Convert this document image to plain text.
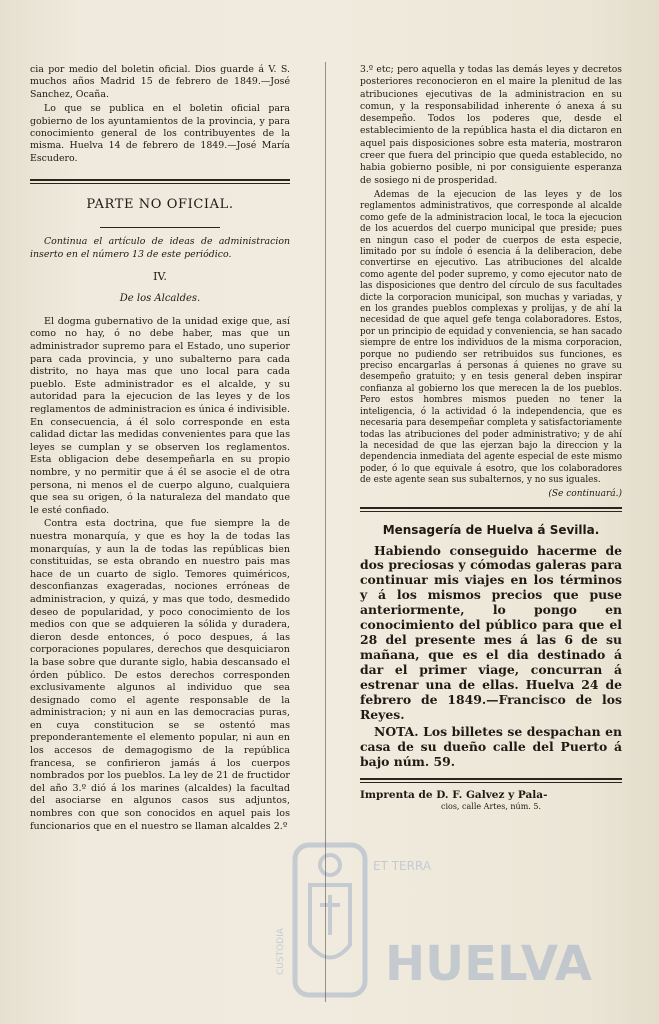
cia por medio del boletin oficial. Dios guarde á V. S. muchos años Madrid 15 de febrero de 1849.—José Sanchez, Ocaña.

Lo que se publica en el boletin oficial para gobierno de los ayuntamientos de la provincia, y para conocimiento general de los contribuyentes de la misma. Huelva 14 de febrero de 1849.—José María Escudero.

PARTE NO OFICIAL.

Continua el artículo de ideas de administracion inserto en el número 13 de este periódico.

IV.
De los Alcaldes.

El dogma gubernativo de la unidad exige que, así como no hay, ó no debe haber, mas que un administrador supremo para el Estado, uno superior para cada provincia, y uno subalterno para cada distrito, no haya mas que uno local para cada pueblo. Este administrador es el alcalde, y su autoridad para la ejecucion de las leyes y de los reglamentos de administracion es única é indivisible. En consecuencia, á él solo corresponde en esta calidad dictar las medidas convenientes para que las leyes se cumplan y se observen los reglamentos. Esta obligacion debe desempeñarla en su propio nombre, y no permitir que á él se asocie el de otra persona, ni menos el de cuerpo alguno, cualquiera que sea su origen, ó la naturaleza del mandato que le esté confiado.

Contra esta doctrina, que fue siempre la de nuestra monarquía, y que es hoy la de todas las monarquías, y aun la de todas las repúblicas bien constituidas, se esta obrando en nuestro pais mas hace de un cuarto de siglo. Temores quiméricos, desconfianzas exageradas, nociones erróneas de administracion, y quizá, y mas que todo, desmedido deseo de popularidad, y poco conocimiento de los medios con que se adquieren la sólida y duradera, dieron desde entonces, ó poco despues, á las corporaciones populares, derechos que desquiciaron la base sobre que durante siglo, habia descansado el órden público. De estos derechos corresponden exclusivamente algunos al individuo que sea designado como el agente responsable de la administracion; y ni aun en las democracias puras, en cuya constitucion se se ostentó mas preponderantemente el elemento popular, ni aun en los accesos de demagogismo de la república francesa, se confirieron jamás á los cuerpos nombrados por los pueblos. La ley de 21 de fructidor del año 3.º dió á los marines (alcaldes) la facultad del asociarse en algunos casos sus adjuntos, nombres con que son conocidos en aquel pais los funcionarios que en el nuestro se llaman alcaldes 2.º

3.º etc; pero aquella y todas las demás leyes y decretos posteriores reconocieron en el maire la plenitud de las atribuciones ejecutivas de la administracion en su comun, y la responsabilidad inherente ó anexa á su desempeño. Todos los poderes que, desde el establecimiento de la república hasta el dia dictaron en aquel pais disposiciones sobre esta materia, mostraron creer que fuera del principio que queda establecido, no habia gobierno posible, ni por consiguiente esperanza de sosiego ni de prosperidad.

Ademas de la ejecucion de las leyes y de los reglamentos administrativos, que corresponde al alcalde como gefe de la administracion local, le toca la ejecucion de los acuerdos del cuerpo municipal que preside; pues en ningun caso el poder de cuerpos de esta especie, limitado por su índole ó esencia á la deliberacion, debe convertirse en ejecutivo. Las atribuciones del alcalde como agente del poder supremo, y como ejecutor nato de las disposiciones que dentro del círculo de sus facultades dicte la corporacion municipal, son muchas y variadas, y en los grandes pueblos complexas y prolijas, y de ahí la necesidad de que aquel gefe tenga colaboradores. Estos, por un principio de equidad y conveniencia, se han sacado siempre de entre los individuos de la misma corporacion, porque no pudiendo ser retribuidos sus funciones, es preciso encargarlas á personas á quienes no grave su desempeño gratuito; y en tesis general deben inspirar confianza al gobierno los que merecen la de los pueblos. Pero estos hombres mismos pueden no tener la inteligencia, ó la actividad ó la independencia, que es necesaria para desempeñar completa y satisfactoriamente todas las atribuciones del poder administrativo; y de ahí la necesidad de que las ejerzan bajo la direccion y la dependencia inmediata del agente especial de este mismo poder, ó lo que equivale á esotro, que los colaboradores de este agente sean sus subalternos, y no sus iguales.

(Se continuará.)
Mensagería de Huelva á Sevilla.

Habiendo conseguido hacerme de dos preciosas y cómodas galeras para continuar mis viajes en los términos y á los mismos precios que puse anteriormente, lo pongo en conocimiento del público para que el 28 del presente mes á las 6 de su mañana, que es el dia destinado á dar el primer viage, concurran á estrenar una de ellas. Huelva 24 de febrero de 1849.—Francisco de los Reyes.

NOTA. Los billetes se despachan en casa de su dueño calle del Puerto á bajo núm. 59.

Imprenta de D. F. Galvez y Pala-
cios, calle Artes, núm. 5.
ET TERRA
CUSTODIA HUELVA
